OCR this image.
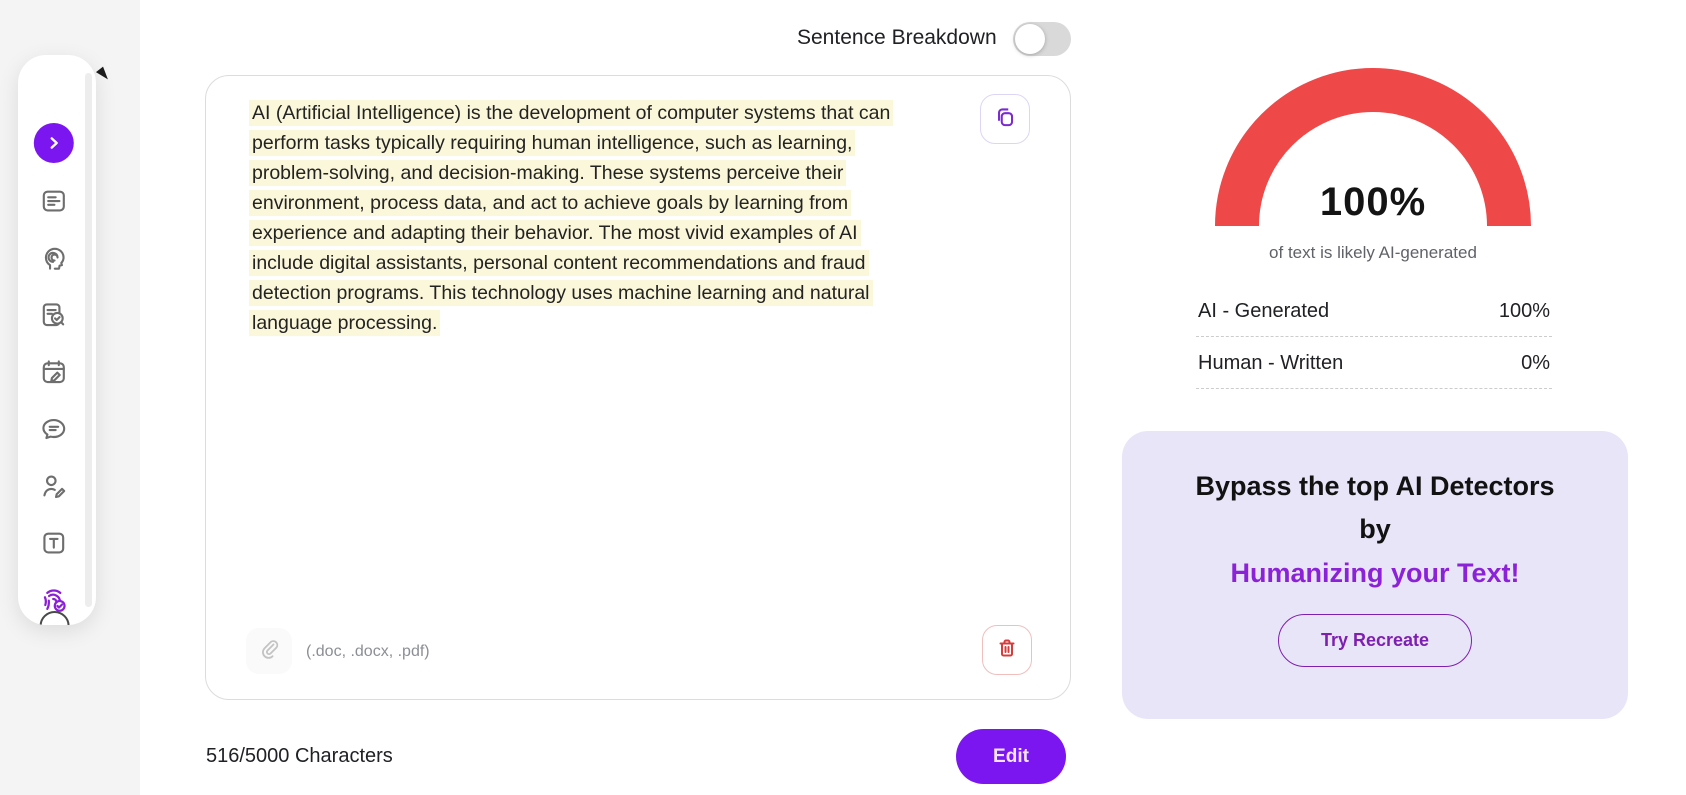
Sentence Breakdown
AI (Artificial Intelligence) is the development of computer systems that can
perform tasks typically requiring human intelligence, such as learning,
problem-solving, and decision-making. These systems perceive their
environment, process data, and act to achieve goals by learning from
experience and adapting their behavior. The most vivid examples of AI
include digital assistants, personal content recommendations and fraud
detection programs. This technology uses machine learning and natural
language processing.
(.doc, .docx, .pdf)
516/5000 Characters	Edit
100%
of text is likely AI-generated
AI - Generated	100%
Human - Written	0%
Bypass the top AI Detectors
by
Humanizing your Text!
Try Recreate
